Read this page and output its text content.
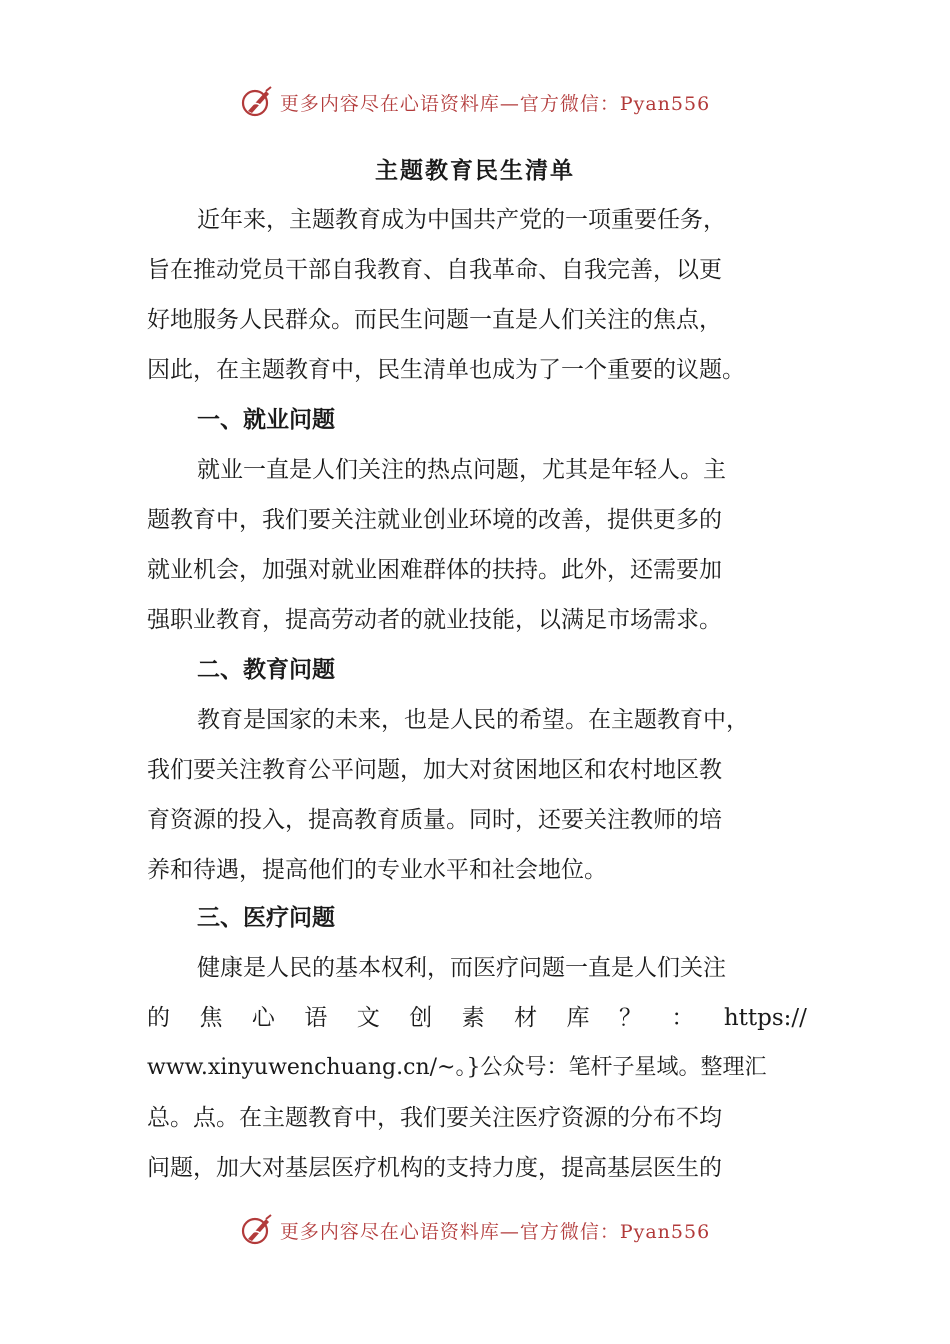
更多内容尽在心语资料库—官方微信：Pyan556
主题教育民生清单
近年来，主题教育成为中国共产党的一项重要任务，
旨在推动党员干部自我教育、自我革命、自我完善，以更
好地服务人民群众。而民生问题一直是人们关注的焦点，
因此，在主题教育中，民生清单也成为了一个重要的议题。
一、就业问题
就业一直是人们关注的热点问题，尤其是年轻人。主
题教育中，我们要关注就业创业环境的改善，提供更多的
就业机会，加强对就业困难群体的扶持。此外，还需要加
强职业教育，提高劳动者的就业技能，以满足市场需求。
二、教育问题
教育是国家的未来，也是人民的希望。在主题教育中，
我们要关注教育公平问题，加大对贫困地区和农村地区教
育资源的投入，提高教育质量。同时，还要关注教师的培
养和待遇，提高他们的专业水平和社会地位。
三、医疗问题
健康是人民的基本权利，而医疗问题一直是人们关注
的 焦 心 语 文 创 素 材 库 ？ ： https://
www.xinyuwenchuang.cn/~。}公众号：笔杆子星域。整理汇
总。点。在主题教育中，我们要关注医疗资源的分布不均
问题，加大对基层医疗机构的支持力度，提高基层医生的
更多内容尽在心语资料库—官方微信：Pyan556
